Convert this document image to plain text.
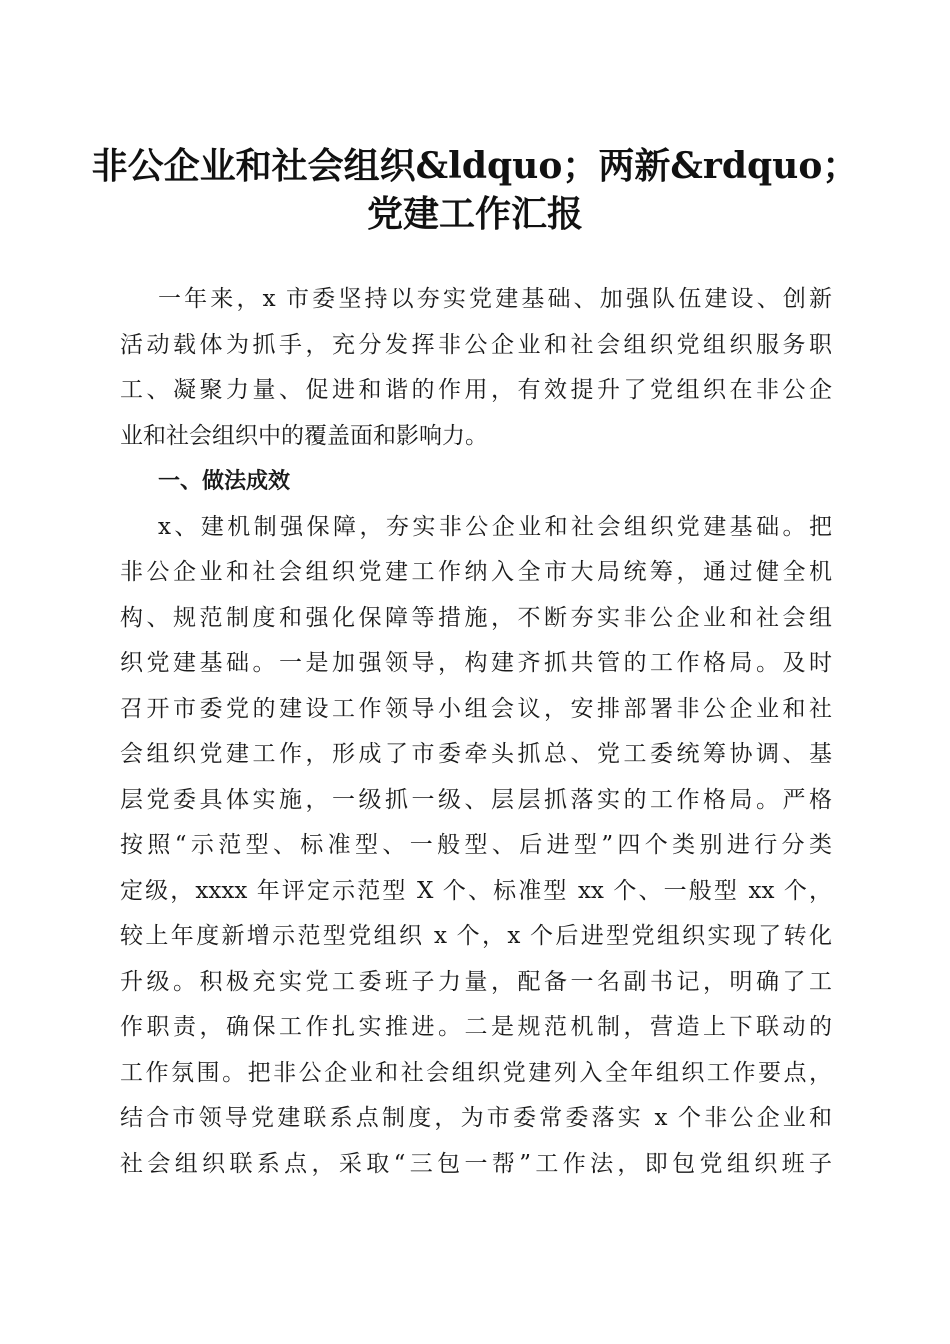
非公企业和社会组织&ldquo；两新&rdquo；
党建工作汇报
一年来，x 市委坚持以夯实党建基础、加强队伍建设、创新
活动载体为抓手，充分发挥非公企业和社会组织党组织服务职
工、凝聚力量、促进和谐的作用，有效提升了党组织在非公企
业和社会组织中的覆盖面和影响力。
一、做法成效
x、建机制强保障，夯实非公企业和社会组织党建基础。把
非公企业和社会组织党建工作纳入全市大局统筹，通过健全机
构、规范制度和强化保障等措施，不断夯实非公企业和社会组
织党建基础。一是加强领导，构建齐抓共管的工作格局。及时
召开市委党的建设工作领导小组会议，安排部署非公企业和社
会组织党建工作，形成了市委牵头抓总、党工委统筹协调、基
层党委具体实施，一级抓一级、层层抓落实的工作格局。严格
按照“示范型、标准型、一般型、后进型”四个类别进行分类
定级，xxxx 年评定示范型 X 个、标准型 xx 个、一般型 xx 个，
较上年度新增示范型党组织 x 个，x 个后进型党组织实现了转化
升级。积极充实党工委班子力量，配备一名副书记，明确了工
作职责，确保工作扎实推进。二是规范机制，营造上下联动的
工作氛围。把非公企业和社会组织党建列入全年组织工作要点，
结合市领导党建联系点制度，为市委常委落实 x 个非公企业和
社会组织联系点，采取“三包一帮”工作法，即包党组织班子
